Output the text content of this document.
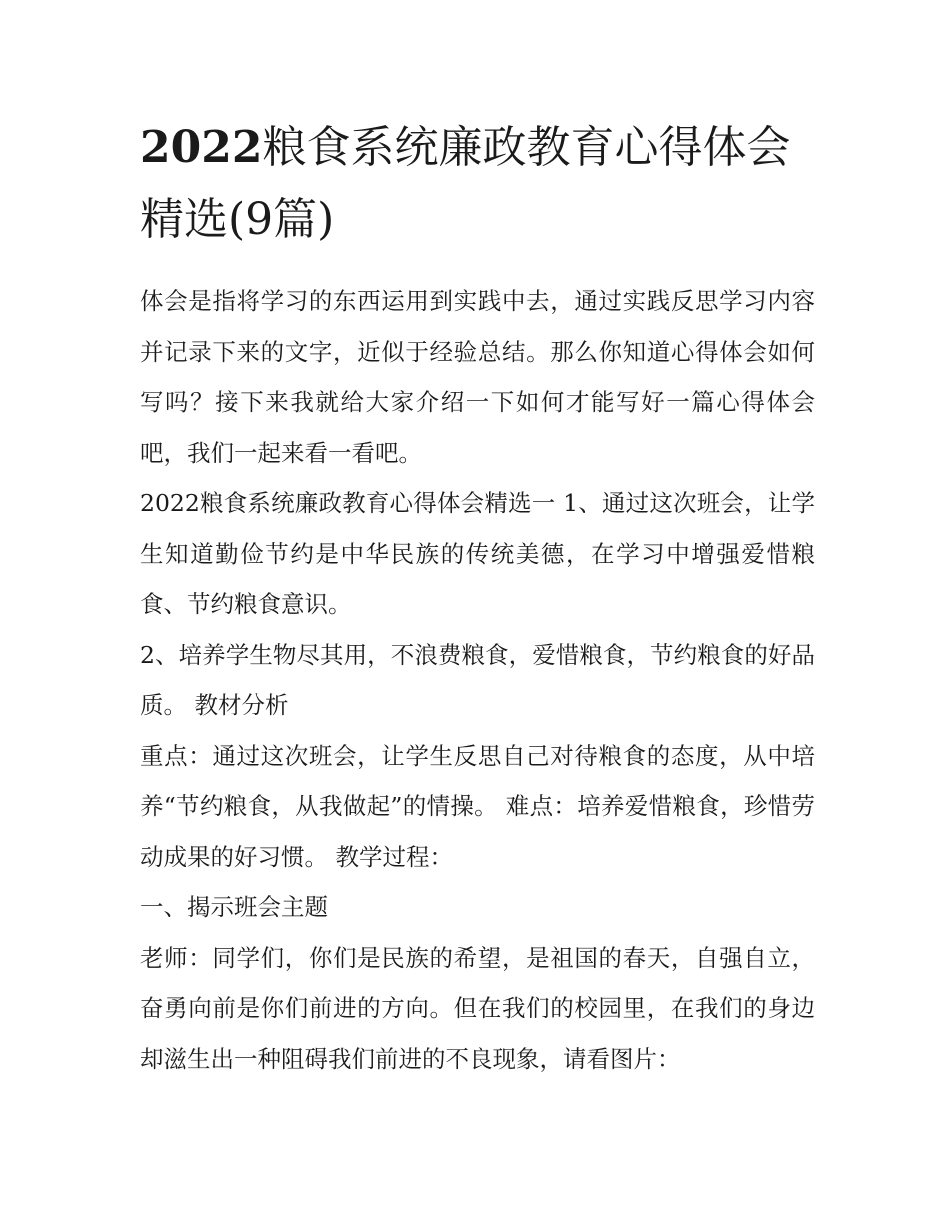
2022粮食系统廉政教育心得体会精选(9篇)

体会是指将学习的东西运用到实践中去，通过实践反思学习内容并记录下来的文字，近似于经验总结。那么你知道心得体会如何写吗？接下来我就给大家介绍一下如何才能写好一篇心得体会吧，我们一起来看一看吧。

2022粮食系统廉政教育心得体会精选一 1、通过这次班会，让学生知道勤俭节约是中华民族的传统美德，在学习中增强爱惜粮食、节约粮食意识。

2、培养学生物尽其用，不浪费粮食，爱惜粮食，节约粮食的好品质。 教材分析

重点：通过这次班会，让学生反思自己对待粮食的态度，从中培养“节约粮食，从我做起”的情操。 难点：培养爱惜粮食，珍惜劳动成果的好习惯。 教学过程：

一、揭示班会主题

老师：同学们，你们是民族的希望，是祖国的春天，自强自立，奋勇向前是你们前进的方向。但在我们的校园里，在我们的身边却滋生出一种阻碍我们前进的不良现象，请看图片：
